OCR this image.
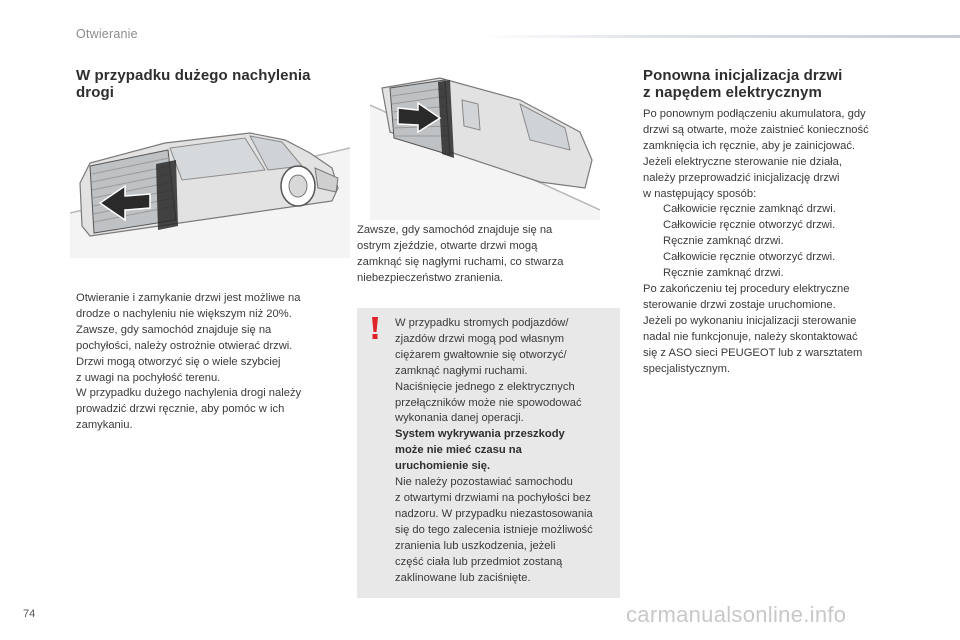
Otwieranie
W przypadku dużego nachylenia
drogi

Otwieranie i zamykanie drzwi jest możliwe na

drodze o nachyleniu nie większym niż 20%.

Zawsze, gdy samochód znajduje się na

pochyłości, należy ostrożnie otwierać drzwi.

Drzwi mogą otworzyć się o wiele szybciej

z uwagi na pochyłość terenu.

W przypadku dużego nachylenia drogi należy

prowadzić drzwi ręcznie, aby pomóc w ich

zamykaniu.

Zawsze, gdy samochód znajduje się na

ostrym zjeździe, otwarte drzwi mogą

zamknąć się nagłymi ruchami, co stwarza

niebezpieczeństwo zranienia.

W przypadku stromych podjazdów/

zjazdów drzwi mogą pod własnym

ciężarem gwałtownie się otworzyć/

zamknąć nagłymi ruchami.

Naciśnięcie jednego z elektrycznych

przełączników może nie spowodować

wykonania danej operacji.

System wykrywania przeszkody

może nie mieć czasu na

uruchomienie się.

Nie należy pozostawiać samochodu

z otwartymi drzwiami na pochyłości bez

nadzoru. W przypadku niezastosowania

się do tego zalecenia istnieje możliwość

zranienia lub uszkodzenia, jeżeli

część ciała lub przedmiot zostaną

zaklinowane lub zaciśnięte.

Ponowna inicjalizacja drzwi
z napędem elektrycznym

Po ponownym podłączeniu akumulatora, gdy

drzwi są otwarte, może zaistnieć konieczność

zamknięcia ich ręcznie, aby je zainicjować.

Jeżeli elektryczne sterowanie nie działa,

należy przeprowadzić inicjalizację drzwi

w następujący sposób:

Całkowicie ręcznie zamknąć drzwi.
Całkowicie ręcznie otworzyć drzwi.
Ręcznie zamknąć drzwi.
Całkowicie ręcznie otworzyć drzwi.
Ręcznie zamknąć drzwi.

Po zakończeniu tej procedury elektryczne

sterowanie drzwi zostaje uruchomione.

Jeżeli po wykonaniu inicjalizacji sterowanie

nadal nie funkcjonuje, należy skontaktować

się z ASO sieci PEUGEOT lub z warsztatem

specjalistycznym.

74	carmanualsonline.info
